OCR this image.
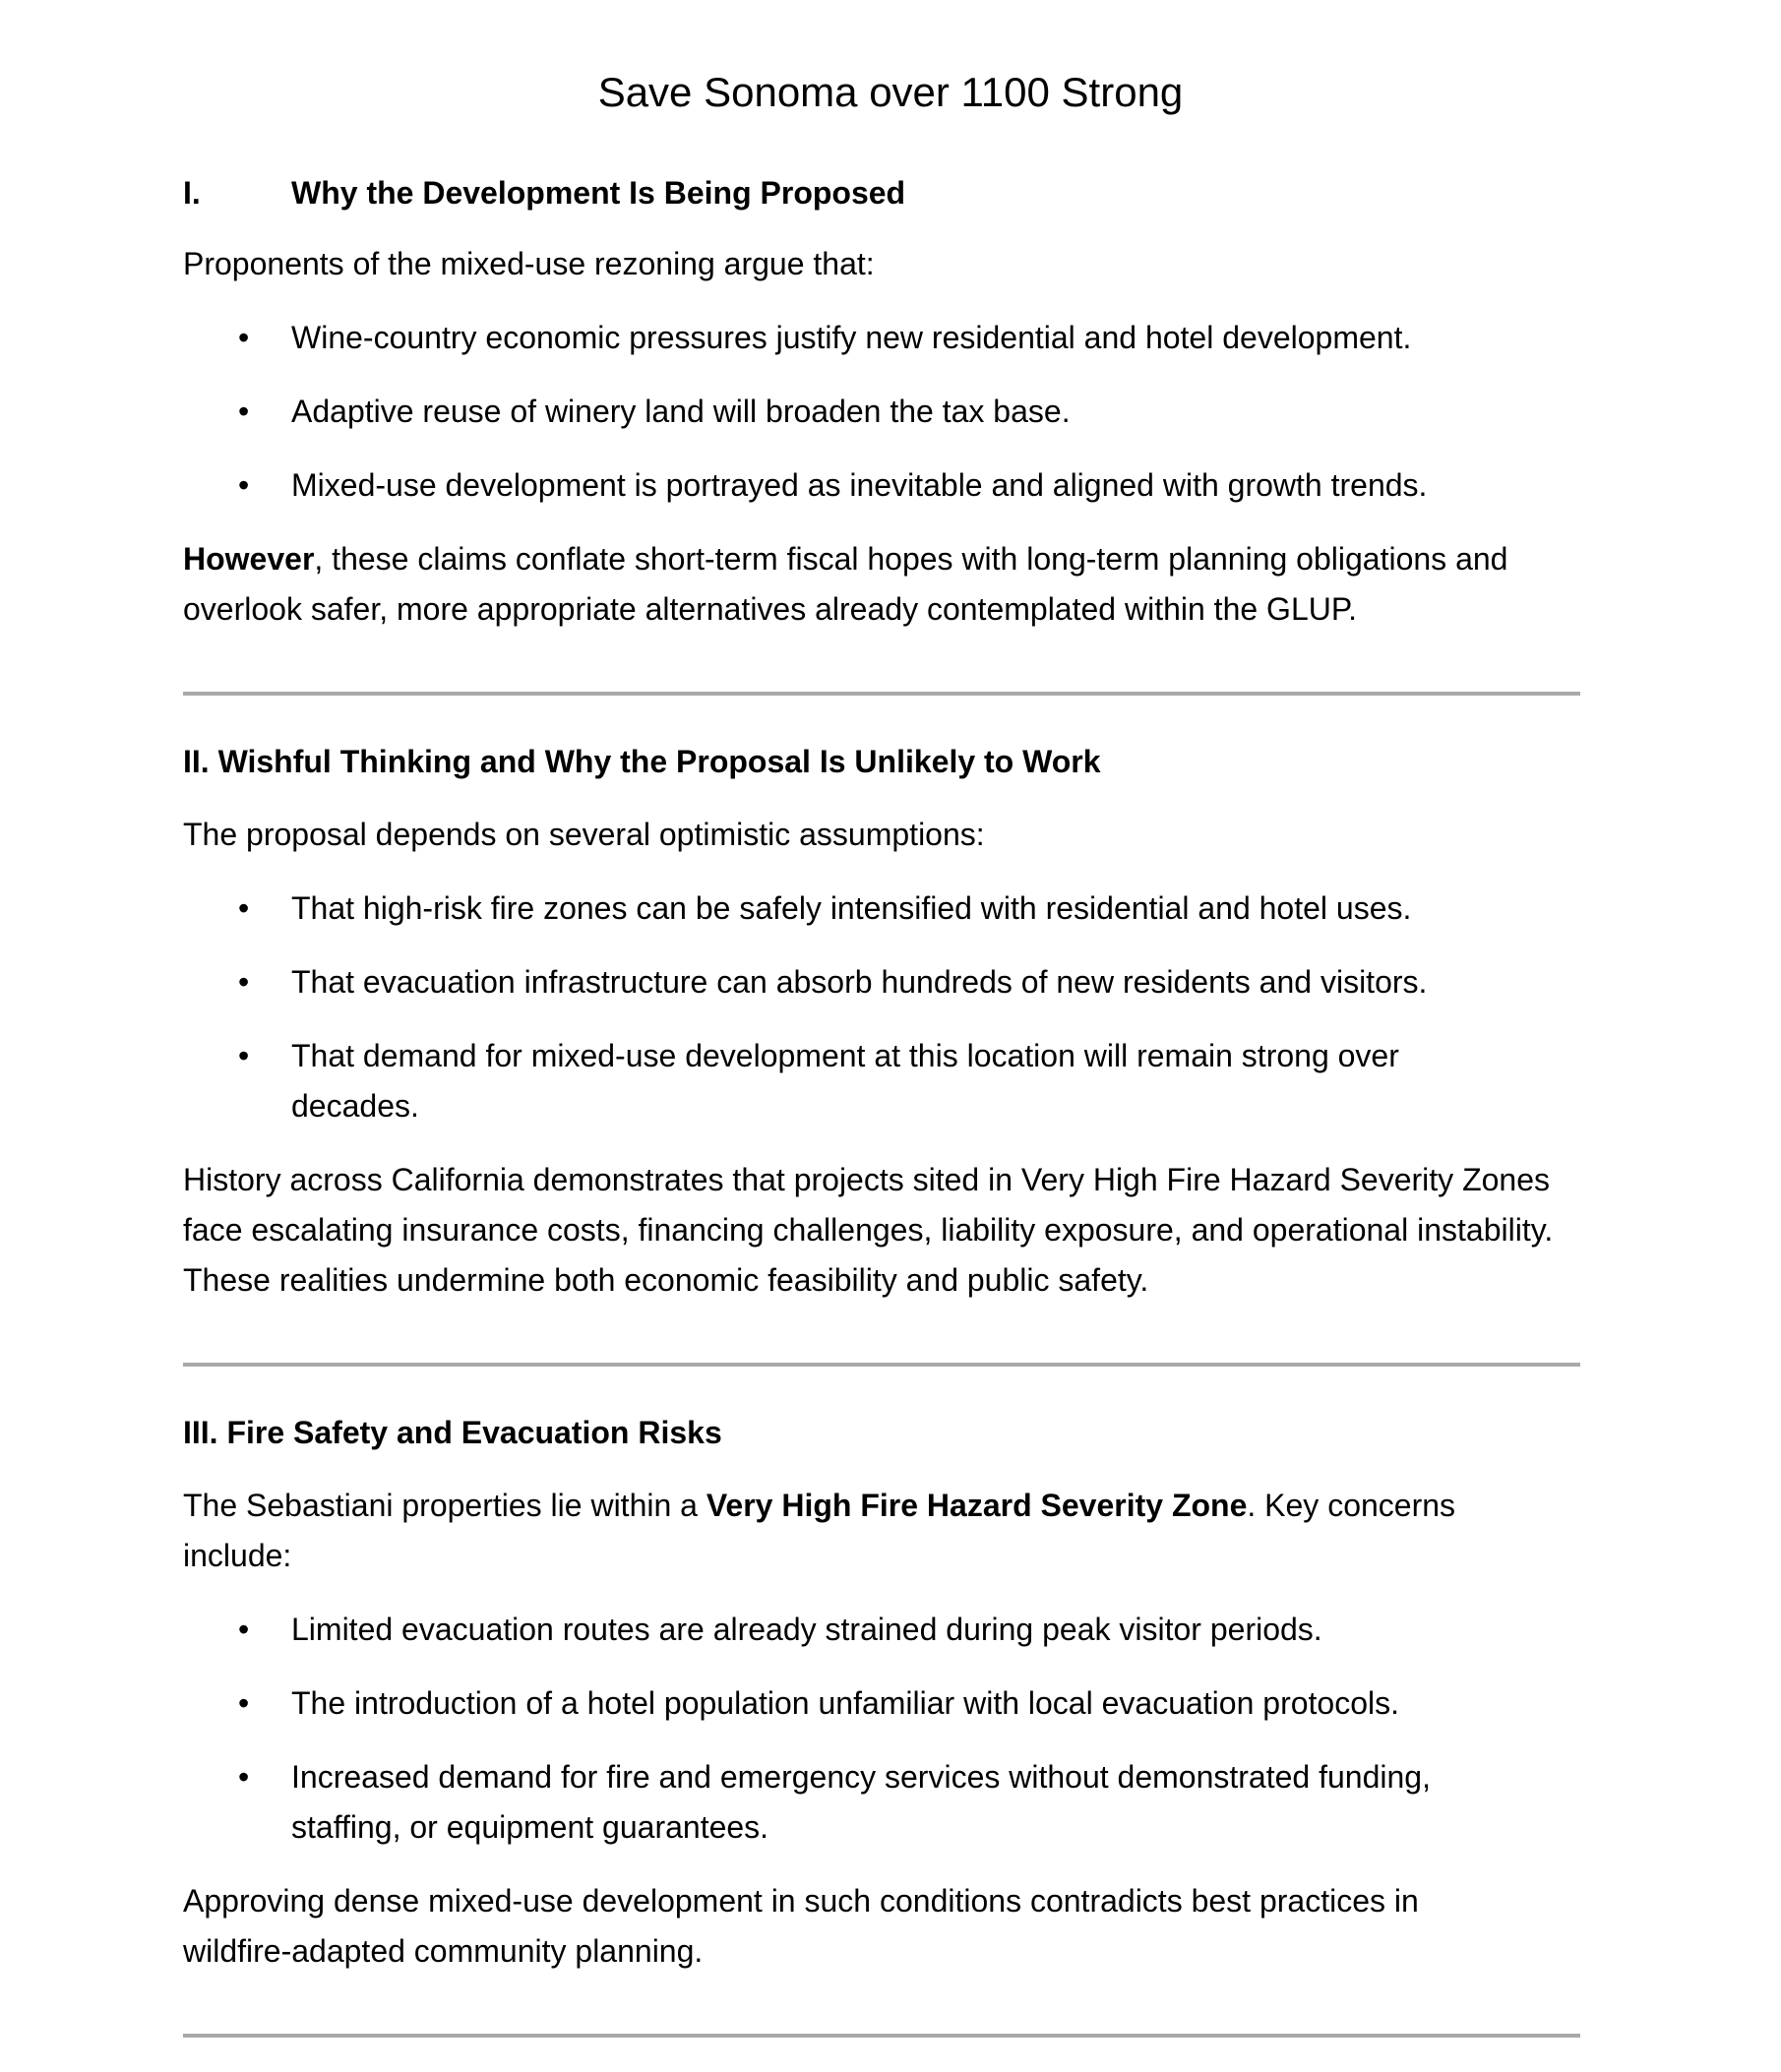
Save Sonoma over 1100 Strong
I.	Why the Development Is Being Proposed

Proponents of the mixed-use rezoning argue that:

• Wine-country economic pressures justify new residential and hotel development.
• Adaptive reuse of winery land will broaden the tax base.
• Mixed-use development is portrayed as inevitable and aligned with growth trends.

However, these claims conflate short-term fiscal hopes with long-term planning obligations and overlook safer, more appropriate alternatives already contemplated within the GLUP.

II. Wishful Thinking and Why the Proposal Is Unlikely to Work

The proposal depends on several optimistic assumptions:

• That high-risk fire zones can be safely intensified with residential and hotel uses.
• That evacuation infrastructure can absorb hundreds of new residents and visitors.
• That demand for mixed-use development at this location will remain strong over decades.

History across California demonstrates that projects sited in Very High Fire Hazard Severity Zones face escalating insurance costs, financing challenges, liability exposure, and operational instability. These realities undermine both economic feasibility and public safety.

III. Fire Safety and Evacuation Risks

The Sebastiani properties lie within a Very High Fire Hazard Severity Zone. Key concerns include:

• Limited evacuation routes are already strained during peak visitor periods.
• The introduction of a hotel population unfamiliar with local evacuation protocols.
• Increased demand for fire and emergency services without demonstrated funding, staffing, or equipment guarantees.

Approving dense mixed-use development in such conditions contradicts best practices in wildfire-adapted community planning.
